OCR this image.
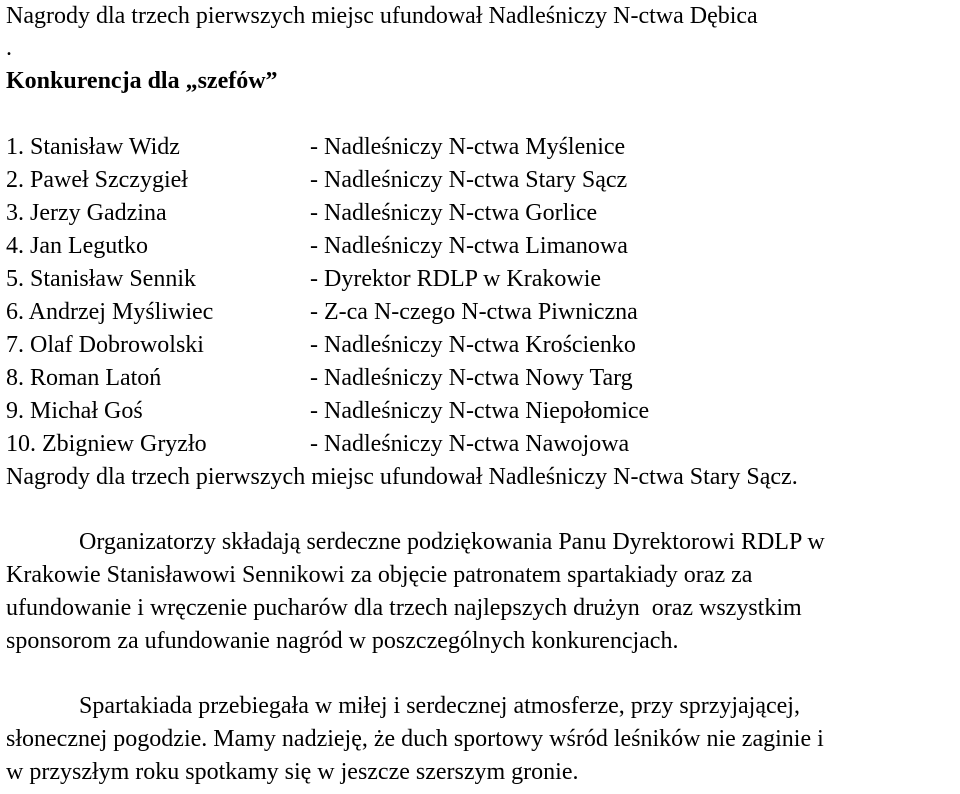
Nagrody dla trzech pierwszych miejsc ufundował Nadleśniczy N-ctwa Dębica
.
Konkurencja dla „szefów”
1. Stanisław Widz	- Nadleśniczy N-ctwa Myślenice
2. Paweł Szczygieł	- Nadleśniczy N-ctwa Stary Sącz
3. Jerzy Gadzina	- Nadleśniczy N-ctwa Gorlice
4. Jan Legutko	- Nadleśniczy N-ctwa Limanowa
5. Stanisław Sennik	- Dyrektor RDLP w Krakowie
6. Andrzej Myśliwiec	- Z-ca N-czego N-ctwa Piwniczna
7. Olaf Dobrowolski	- Nadleśniczy N-ctwa Krościenko
8. Roman Latoń	- Nadleśniczy N-ctwa Nowy Targ
9. Michał Goś	- Nadleśniczy N-ctwa Niepołomice
10. Zbigniew Gryzło	- Nadleśniczy N-ctwa Nawojowa
Nagrody dla trzech pierwszych miejsc ufundował Nadleśniczy N-ctwa Stary Sącz.
Organizatorzy składają serdeczne podziękowania Panu Dyrektorowi RDLP w
Krakowie Stanisławowi Sennikowi za objęcie patronatem spartakiady oraz za
ufundowanie i wręczenie pucharów dla trzech najlepszych drużyn  oraz wszystkim
sponsorom za ufundowanie nagród w poszczególnych konkurencjach.
Spartakiada przebiegała w miłej i serdecznej atmosferze, przy sprzyjającej,
słonecznej pogodzie. Mamy nadzieję, że duch sportowy wśród leśników nie zaginie i
w przyszłym roku spotkamy się w jeszcze szerszym gronie.
